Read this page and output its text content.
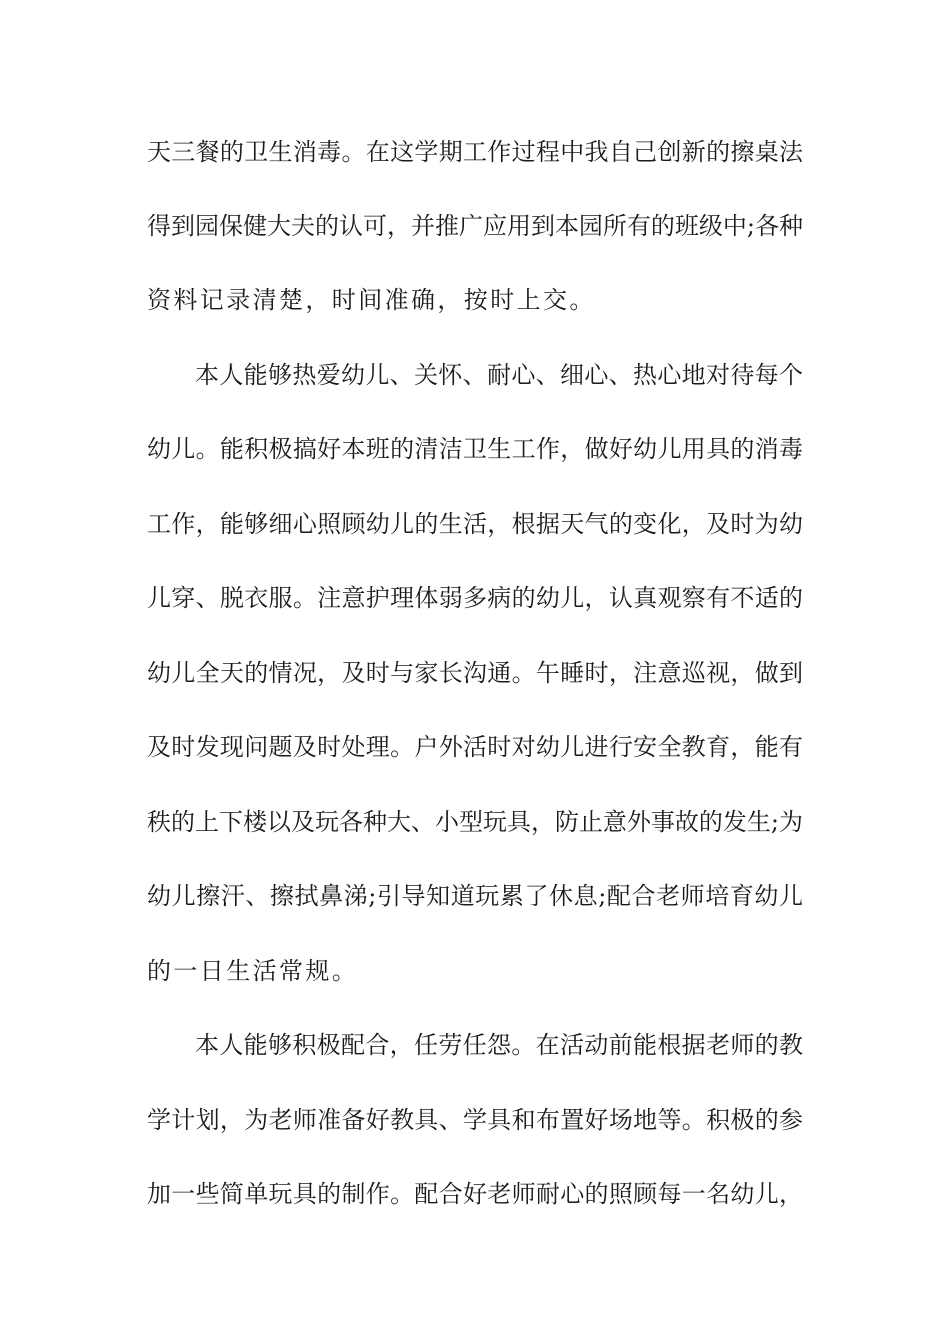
天三餐的卫生消毒。在这学期工作过程中我自己创新的擦桌法
得到园保健大夫的认可，并推广应用到本园所有的班级中;各种
资料记录清楚，时间准确，按时上交。
本人能够热爱幼儿、关怀、耐心、细心、热心地对待每个
幼儿。能积极搞好本班的清洁卫生工作，做好幼儿用具的消毒
工作，能够细心照顾幼儿的生活，根据天气的变化，及时为幼
儿穿、脱衣服。注意护理体弱多病的幼儿，认真观察有不适的
幼儿全天的情况，及时与家长沟通。午睡时，注意巡视，做到
及时发现问题及时处理。户外活时对幼儿进行安全教育，能有
秩的上下楼以及玩各种大、小型玩具，防止意外事故的发生;为
幼儿擦汗、擦拭鼻涕;引导知道玩累了休息;配合老师培育幼儿
的一日生活常规。
本人能够积极配合，任劳任怨。在活动前能根据老师的教
学计划，为老师准备好教具、学具和布置好场地等。积极的参
加一些简单玩具的制作。配合好老师耐心的照顾每一名幼儿，
